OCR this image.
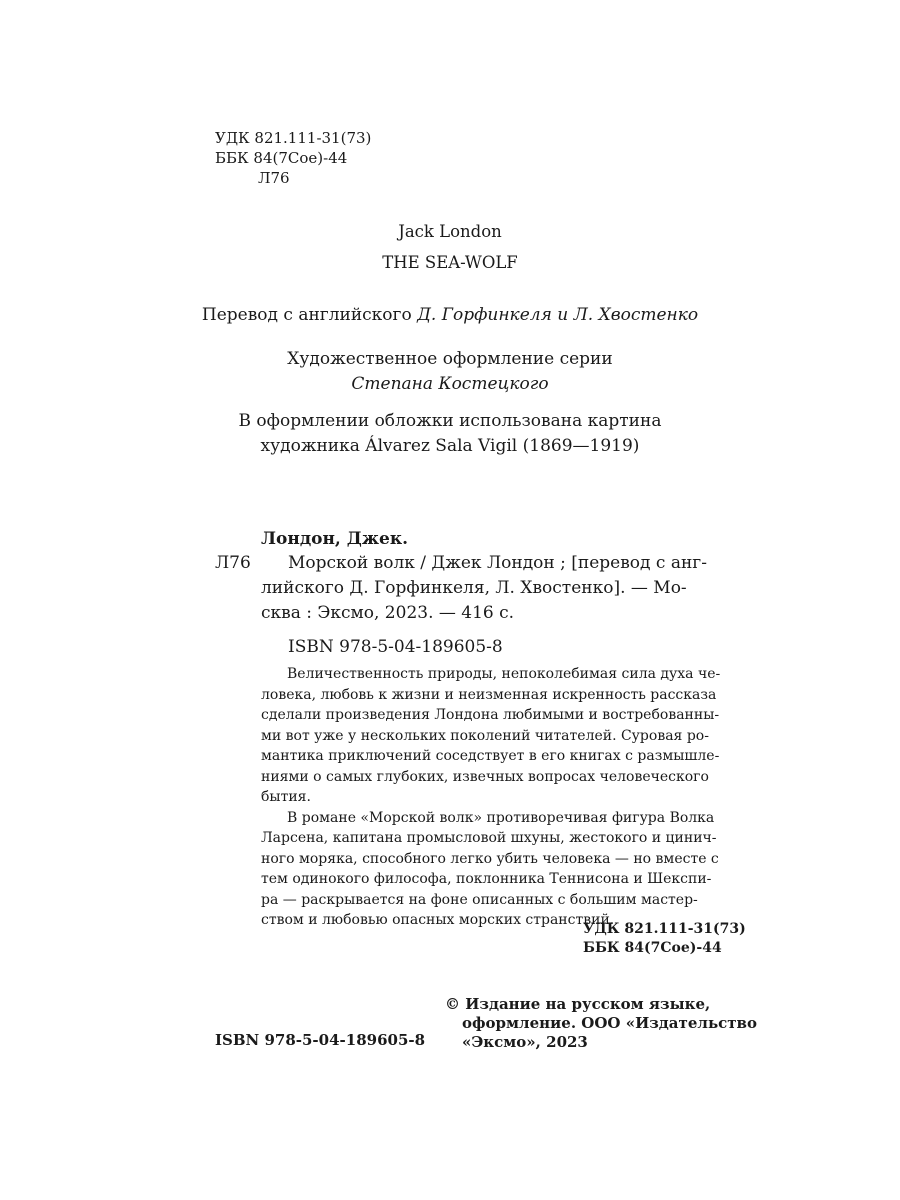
УДК 821.111-31(73)
ББК 84(7Сое)-44
Л76
Jack London
THE SEA-WOLF
Перевод с английского Д. Горфинкеля и Л. Хвостенко
Художественное оформление серии
Степана Костецкого
В оформлении обложки использована картина
художника Álvarez Sala Vigil (1869—1919)
Лондон, Джек.
Л76 Морской волк / Джек Лондон ; [перевод с анг-
лийского Д. Горфинкеля, Л. Хвостенко]. — Мо-
сква : Эксмо, 2023. — 416 с.
ISBN 978-5-04-189605-8
Величественность природы, непоколебимая сила духа че-
ловека, любовь к жизни и неизменная искренность рассказа
сделали произведения Лондона любимыми и востребованны-
ми вот уже у нескольких поколений читателей. Суровая ро-
мантика приключений соседствует в его книгах с размышле-
ниями о самых глубоких, извечных вопросах человеческого
бытия.
В романе «Морской волк» противоречивая фигура Волка
Ларсена, капитана промысловой шхуны, жестокого и цинич-
ного моряка, способного легко убить человека — но вместе с
тем одинокого философа, поклонника Теннисона и Шекспи-
ра — раскрывается на фоне описанных с большим мастер-
ством и любовью опасных морских странствий.
УДК 821.111-31(73)
ББК 84(7Сое)-44
ISBN 978-5-04-189605-8
© Издание на русском языке,
оформление. ООО «Издательство
«Эксмо», 2023
